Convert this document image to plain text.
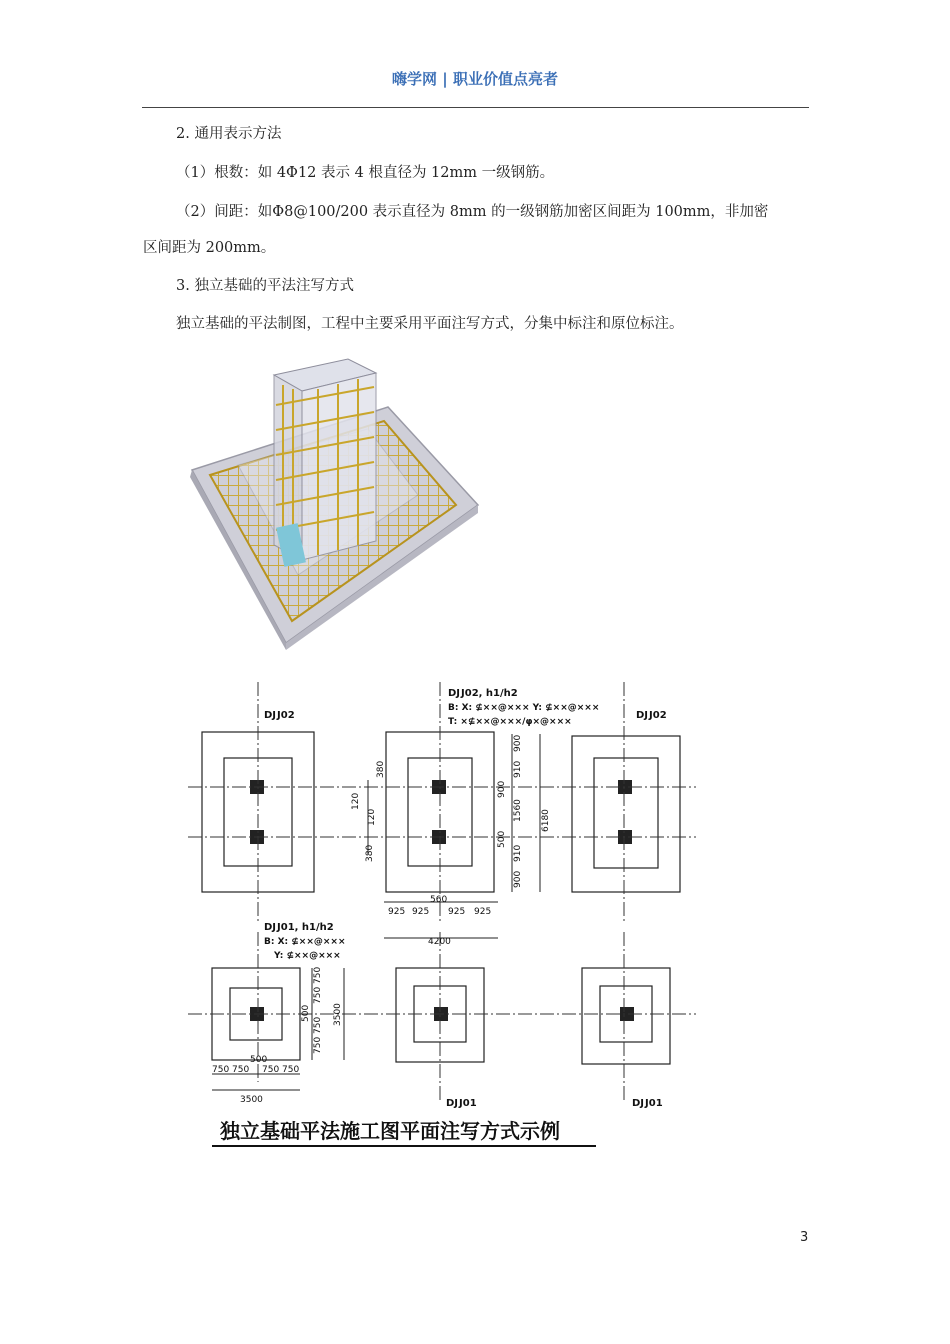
嗨学网 | 职业价值点亮者
2. 通用表示方法
（1）根数：如 4Φ12 表示 4 根直径为 12mm 一级钢筋。
（2）间距：如Φ8@100/200 表示直径为 8mm 的一级钢筋加密区间距为 100mm，非加密
区间距为 200mm。
3. 独立基础的平法注写方式
独立基础的平法制图，工程中主要采用平面注写方式，分集中标注和原位标注。
DJ J02	DJ J02
DJ J02, h1/h2
B: X: ⊈××@××× Y: ⊈××@×××
T: ×⊈××@×××/φ×@×××
DJ J01, h1/h2
B: X: ⊈××@×××
Y: ⊈××@×××
DJ J01	DJ J01
380
120
120
380
900
910
1560
910
900
900
500
6180
925 925 925 925
560
4200
750
750
500
750
750
3500
750 750
500
750 750
3500
独立基础平法施工图平面注写方式示例
3
